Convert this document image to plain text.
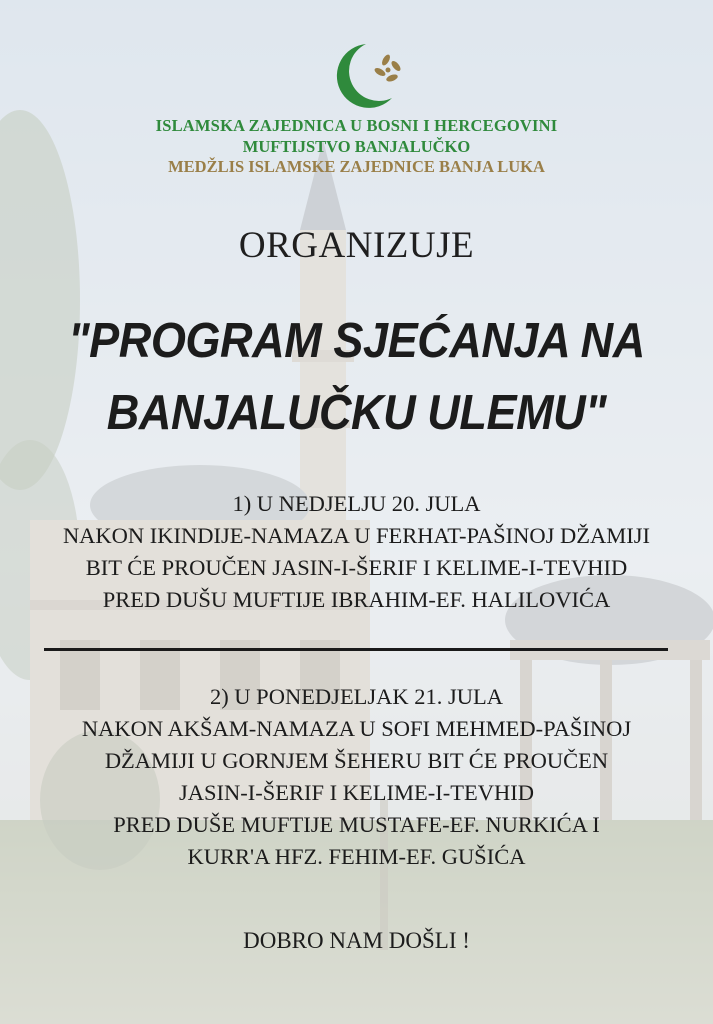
ISLAMSKA ZAJEDNICA U BOSNI I HERCEGOVINI
MUFTIJSTVO BANJALUČKO
MEDŽLIS ISLAMSKE ZAJEDNICE BANJA LUKA
ORGANIZUJE
"PROGRAM SJEĆANJA NA
BANJALUČKU ULEMU"
1) U NEDJELJU 20. JULA
NAKON IKINDIJE-NAMAZA U FERHAT-PAŠINOJ DŽAMIJI
BIT ĆE PROUČEN JASIN-I-ŠERIF I KELIME-I-TEVHID
PRED DUŠU MUFTIJE IBRAHIM-EF. HALILOVIĆA
2) U PONEDJELJAK 21. JULA
NAKON AKŠAM-NAMAZA U SOFI MEHMED-PAŠINOJ
DŽAMIJI U GORNJEM ŠEHERU BIT ĆE PROUČEN
JASIN-I-ŠERIF I KELIME-I-TEVHID
PRED DUŠE MUFTIJE MUSTAFE-EF. NURKIĆA I
KURR'A HFZ. FEHIM-EF. GUŠIĆA
DOBRO NAM DOŠLI !
